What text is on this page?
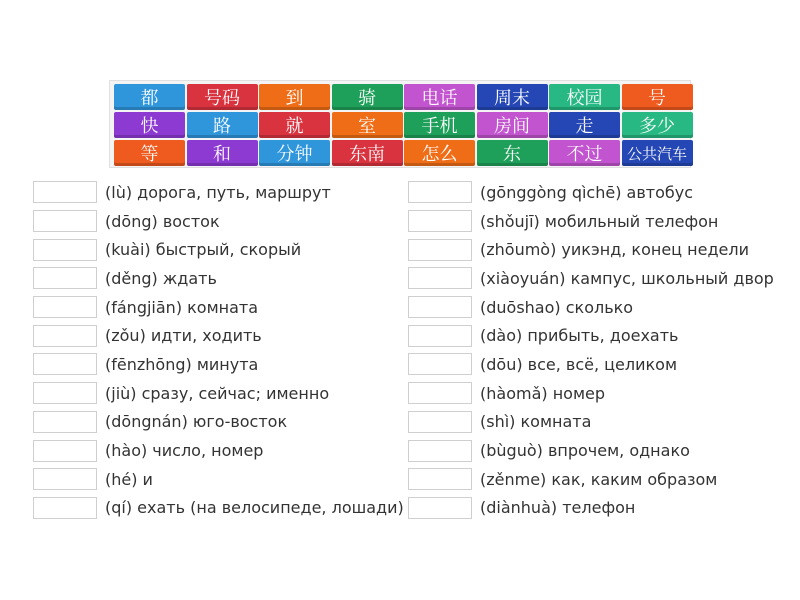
都	号码	到	骑	电话	周末	校园	号
快	路	就	室	手机	房间	走	多少
等	和	分钟	东南	怎么	东	不过	公共汽车
(lù) дорога, путь, маршрут
(dōng) восток
(kuài) быстрый, скорый
(děng) ждать
(fángjiān) комната
(zǒu) идти, ходить
(fēnzhōng) минута
(jiù) сразу, сейчас; именно
(dōngnán) юго-восток
(hào) число, номер
(hé) и
(qí) ехать (на велосипеде, лошади)
(gōnggòng qìchē) автобус
(shǒujī) мобильный телефон
(zhōumò) уикэнд, конец недели
(xiàoyuán) кампус, школьный двор
(duōshao) сколько
(dào) прибыть, доехать
(dōu) все, всё, целиком
(hàomǎ) номер
(shì) комната
(bùguò) впрочем, однако
(zěnme) как, каким образом
(diànhuà) телефон
